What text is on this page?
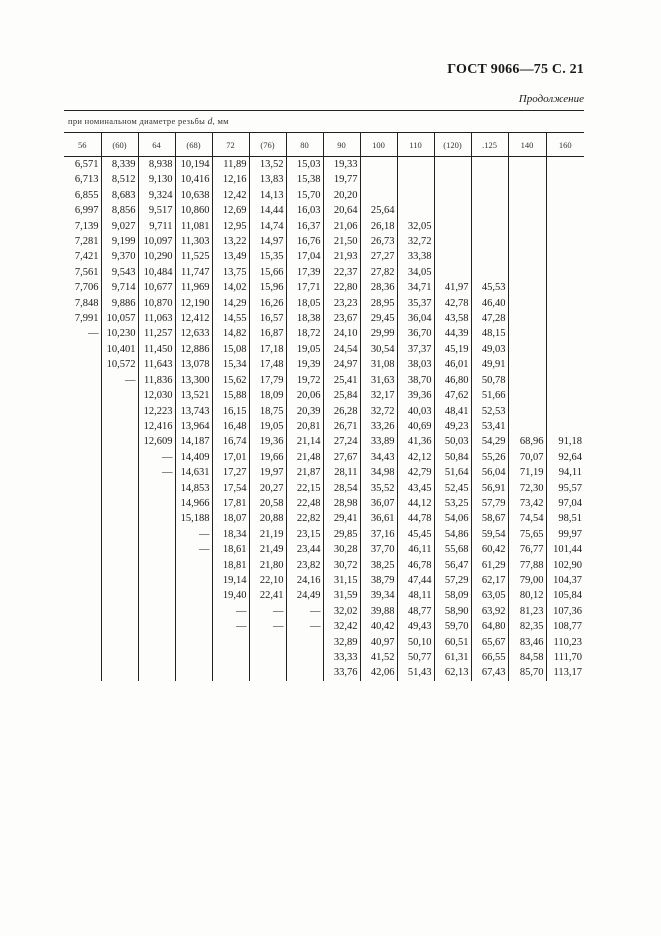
ГОСТ 9066—75 С. 21
Продолжение
при номинальном диаметре резьбы d, мм
56	(60)	64	(68)	72	(76)	80	90	100	110	(120)	.125	140	160
6,571	8,339	8,938	10,194	11,89	13,52	15,03	19,33						
6,713	8,512	9,130	10,416	12,16	13,83	15,38	19,77						
6,855	8,683	9,324	10,638	12,42	14,13	15,70	20,20						
6,997	8,856	9,517	10,860	12,69	14,44	16,03	20,64	25,64					
7,139	9,027	9,711	11,081	12,95	14,74	16,37	21,06	26,18	32,05				
7,281	9,199	10,097	11,303	13,22	14,97	16,76	21,50	26,73	32,72				
7,421	9,370	10,290	11,525	13,49	15,35	17,04	21,93	27,27	33,38				
7,561	9,543	10,484	11,747	13,75	15,66	17,39	22,37	27,82	34,05				
7,706	9,714	10,677	11,969	14,02	15,96	17,71	22,80	28,36	34,71	41,97	45,53		
7,848	9,886	10,870	12,190	14,29	16,26	18,05	23,23	28,95	35,37	42,78	46,40		
7,991	10,057	11,063	12,412	14,55	16,57	18,38	23,67	29,45	36,04	43,58	47,28		
—	10,230	11,257	12,633	14,82	16,87	18,72	24,10	29,99	36,70	44,39	48,15		
	10,401	11,450	12,886	15,08	17,18	19,05	24,54	30,54	37,37	45,19	49,03		
	10,572	11,643	13,078	15,34	17,48	19,39	24,97	31,08	38,03	46,01	49,91		
	—	11,836	13,300	15,62	17,79	19,72	25,41	31,63	38,70	46,80	50,78		
		12,030	13,521	15,88	18,09	20,06	25,84	32,17	39,36	47,62	51,66		
		12,223	13,743	16,15	18,75	20,39	26,28	32,72	40,03	48,41	52,53		
		12,416	13,964	16,48	19,05	20,81	26,71	33,26	40,69	49,23	53,41		
		12,609	14,187	16,74	19,36	21,14	27,24	33,89	41,36	50,03	54,29	68,96	91,18
		—	14,409	17,01	19,66	21,48	27,67	34,43	42,12	50,84	55,26	70,07	92,64
		—	14,631	17,27	19,97	21,87	28,11	34,98	42,79	51,64	56,04	71,19	94,11
			14,853	17,54	20,27	22,15	28,54	35,52	43,45	52,45	56,91	72,30	95,57
			14,966	17,81	20,58	22,48	28,98	36,07	44,12	53,25	57,79	73,42	97,04
			15,188	18,07	20,88	22,82	29,41	36,61	44,78	54,06	58,67	74,54	98,51
			—	18,34	21,19	23,15	29,85	37,16	45,45	54,86	59,54	75,65	99,97
			—	18,61	21,49	23,44	30,28	37,70	46,11	55,68	60,42	76,77	101,44
				18,81	21,80	23,82	30,72	38,25	46,78	56,47	61,29	77,88	102,90
				19,14	22,10	24,16	31,15	38,79	47,44	57,29	62,17	79,00	104,37
				19,40	22,41	24,49	31,59	39,34	48,11	58,09	63,05	80,12	105,84
				—	—	—	32,02	39,88	48,77	58,90	63,92	81,23	107,36
				—	—	—	32,42	40,42	49,43	59,70	64,80	82,35	108,77
							32,89	40,97	50,10	60,51	65,67	83,46	110,23
							33,33	41,52	50,77	61,31	66,55	84,58	111,70
							33,76	42,06	51,43	62,13	67,43	85,70	113,17
